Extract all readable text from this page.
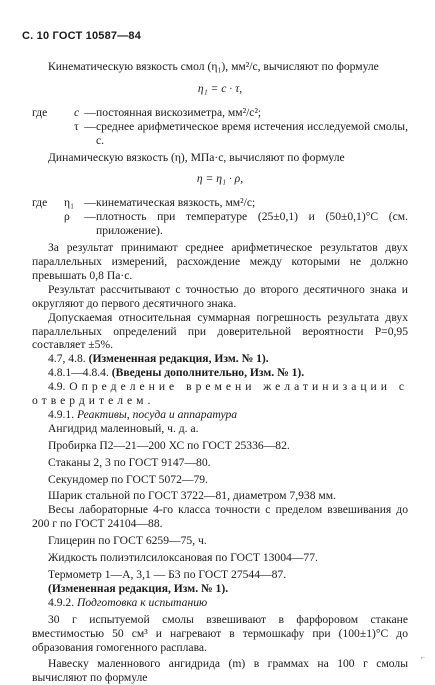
С. 10 ГОСТ 10587—84

Кинематическую вязкость смол (η₁), мм²/с, вычисляют по формуле

η₁ = c · τ,
где	c — постоянная вискозиметра, мм²/с²;
τ — среднее арифметическое время истечения исследуемой смолы, с.

Динамическую вязкость (η), МПа·с, вычисляют по формуле

η = η₁ · ρ,
где	η₁ — кинематическая вязкость, мм²/с;
ρ	— плотность при температуре (25±0,1) и (50±0,1)°С (см. приложение).

За результат принимают среднее арифметическое результатов двух параллельных измерений, расхождение между которыми не должно превышать 0,8 Па·с.

Результат рассчитывают с точностью до второго десятичного знака и округляют до первого десятичного знака.

Допускаемая относительная суммарная погрешность результата двух параллельных определений при доверительной вероятности P=0,95 составляет ±5%.

4.7, 4.8. (Измененная редакция, Изм. № 1).

4.8.1—4.8.4. (Введены дополнительно, Изм. № 1).

4.9. Определение времени желатинизации с

отвердителем.

4.9.1. Реактивы, посуда и аппаратура

Ангидрид малеиновый, ч. д. а.

Пробирка П2—21—200 ХС по ГОСТ 25336—82.

Стаканы 2, 3 по ГОСТ 9147—80.

Секундомер по ГОСТ 5072—79.

Шарик стальной по ГОСТ 3722—81, диаметром 7,938 мм.

Весы лабораторные 4-го класса точности с пределом взвешивания до 200 г по ГОСТ 24104—88.

Глицерин по ГОСТ 6259—75, ч.

Жидкость полиэтилсилоксановая по ГОСТ 13004—77.

Термометр 1—А, 3,1 — Б3 по ГОСТ 27544—87.

(Измененная редакция, Изм. № 1).

4.9.2. Подготовка к испытанию

30 г испытуемой смолы взвешивают в фарфоровом стакане вместимостью 50 см³ и нагревают в термошкафу при (100±1)°С до образования гомогенного расплава.

Навеску маленнового ангидрида (m) в граммах на 100 г смолы вычисляют по формуле

⌐
